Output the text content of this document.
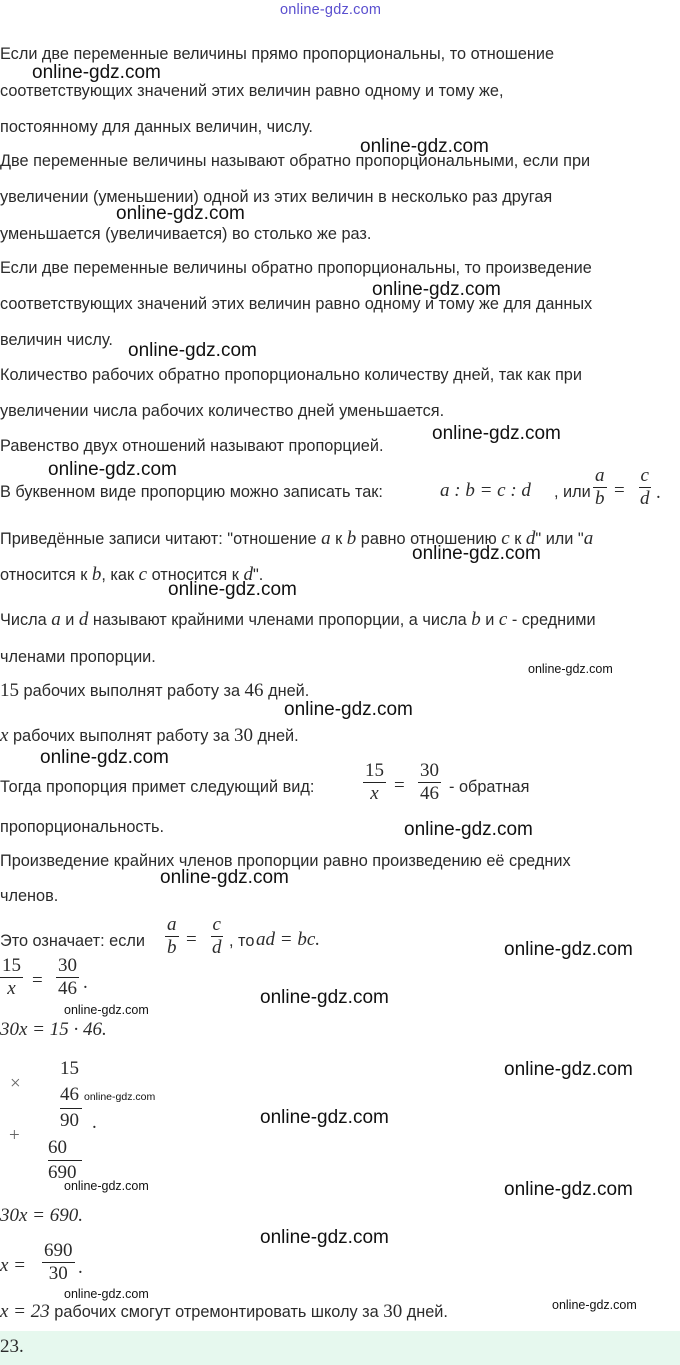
online-gdz.com
Если две переменные величины прямо пропорциональны, то отношение
соответствующих значений этих величин равно одному и тому же,
постоянному для данных величин, числу.
Две переменные величины называют обратно пропорциональными, если при
увеличении (уменьшении) одной из этих величин в несколько раз другая
уменьшается (увеличивается) во столько же раз.
Если две переменные величины обратно пропорциональны, то произведение
соответствующих значений этих величин равно одному и тому же для данных
величин числу.
Количество рабочих обратно пропорционально количеству дней, так как при
увеличении числа рабочих количество дней уменьшается.
Равенство двух отношений называют пропорцией.
В буквенном виде пропорцию можно записать так:	a : b = c : d , или $\frac{a}{b} = \frac{c}{d}$ .
Приведённые записи читают: "отношение a к b равно отношению c к d" или "a
относится к b, как c относится к d".
Числа a и d называют крайними членами пропорции, а числа b и c - средними
членами пропорции.
15 рабочих выполнят работу за 46 дней.
x рабочих выполнят работу за 30 дней.
Тогда пропорция примет следующий вид:	$\frac{15}{x} = \frac{30}{46}$ - обратная
пропорциональность.
Произведение крайних членов пропорции равно произведению её средних
членов.
Это означает: если $\frac{a}{b} = \frac{c}{d}$ , то ad = bc.
$\frac{15}{x} = \frac{30}{46}$ .
30x = 15 · 46.
×
15
46
90 .
+
60
690
30x = 690.
$x = \frac{690}{30}$ .
x = 23 рабочих смогут отремонтировать школу за 30 дней.
23.
online-gdz.com
online-gdz.com
online-gdz.com
online-gdz.com
online-gdz.com
online-gdz.com
online-gdz.com
online-gdz.com
online-gdz.com
online-gdz.com
online-gdz.com
online-gdz.com
online-gdz.com
online-gdz.com
online-gdz.com
online-gdz.com
online-gdz.com
online-gdz.com
online-gdz.com
online-gdz.com
online-gdz.com	online-gdz.com
online-gdz.com
online-gdz.com
online-gdz.com
